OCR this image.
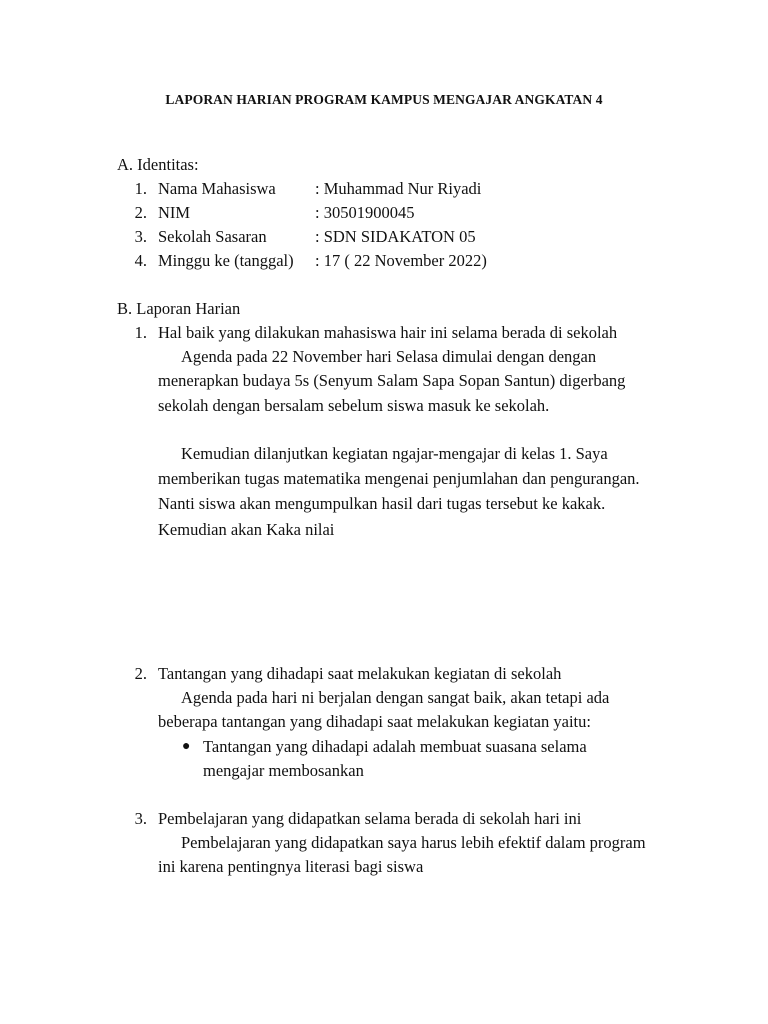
LAPORAN HARIAN PROGRAM KAMPUS MENGAJAR ANGKATAN 4
A. Identitas:
1. Nama Mahasiswa : Muhammad Nur Riyadi
2. NIM	: 30501900045
3. Sekolah Sasaran	: SDN SIDAKATON 05
4. Minggu ke (tanggal) : 17 ( 22 November 2022)
B. Laporan Harian
1. Hal baik yang dilakukan mahasiswa hair ini selama berada di sekolah
Agenda pada 22 November hari Selasa dimulai dengan dengan
menerapkan budaya 5s (Senyum Salam Sapa Sopan Santun) digerbang
sekolah dengan bersalam sebelum siswa masuk ke sekolah.
Kemudian dilanjutkan kegiatan ngajar-mengajar di kelas 1. Saya
memberikan tugas matematika mengenai penjumlahan dan pengurangan.
Nanti siswa akan mengumpulkan hasil dari tugas tersebut ke kakak.
Kemudian akan Kaka nilai
2. Tantangan yang dihadapi saat melakukan kegiatan di sekolah
Agenda pada hari ni berjalan dengan sangat baik, akan tetapi ada
beberapa tantangan yang dihadapi saat melakukan kegiatan yaitu:
● Tantangan yang dihadapi adalah membuat suasana selama
mengajar membosankan
3. Pembelajaran yang didapatkan selama berada di sekolah hari ini
Pembelajaran yang didapatkan saya harus lebih efektif dalam program
ini karena pentingnya literasi bagi siswa
